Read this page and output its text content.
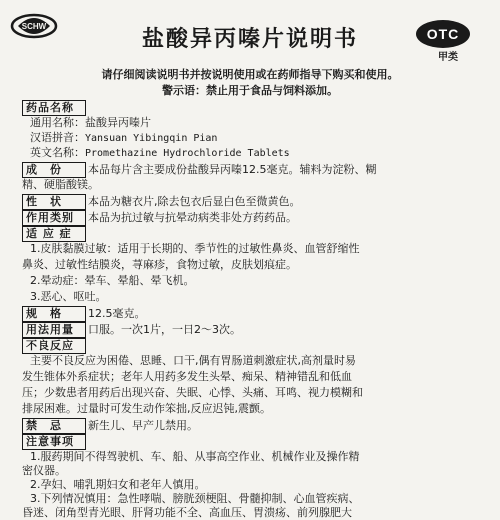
SCHW
盐酸异丙嗪片说明书	OTC
甲类
请仔细阅读说明书并按说明使用或在药师指导下购买和使用。
警示语：禁止用于食品与饲料添加。
药品名称
通用名称：盐酸异丙嗪片
汉语拼音：Yansuan Yibingqin Pian
英文名称：Promethazine Hydrochloride Tablets
成　份 本品每片含主要成份盐酸异丙嗪12.5毫克。辅料为淀粉、糊
精、硬脂酸镁。
性　状 本品为糖衣片,除去包衣后显白色至微黄色。
作用类别 本品为抗过敏与抗晕动病类非处方药药品。
适 应 症
1.皮肤黏膜过敏：适用于长期的、季节性的过敏性鼻炎、血管舒缩性
鼻炎、过敏性结膜炎，荨麻疹，食物过敏，皮肤划痕症。
2.晕动症：晕车、晕船、晕飞机。
3.恶心、呕吐。
规　格 12.5毫克。
用法用量 口服。一次1片，一日2～3次。
不良反应
主要不良反应为困倦、思睡、口干,偶有胃肠道刺激症状,高剂量时易
发生锥体外系症状；老年人用药多发生头晕、痴呆、精神错乱和低血
压；少数患者用药后出现兴奋、失眠、心悸、头痛、耳鸣、视力模糊和
排尿困难。过量时可发生动作笨拙,反应迟钝,震颤。
禁　忌 新生儿、早产儿禁用。
注意事项
1.服药期间不得驾驶机、车、船、从事高空作业、机械作业及操作精
密仪器。
2.孕妇、哺乳期妇女和老年人慎用。
3.下列情况慎用：急性哮喘、膀胱颈梗阻、骨髓抑制、心血管疾病、
昏迷、闭角型青光眼、肝肾功能不全、高血压、胃溃疡、前列腺肥大
